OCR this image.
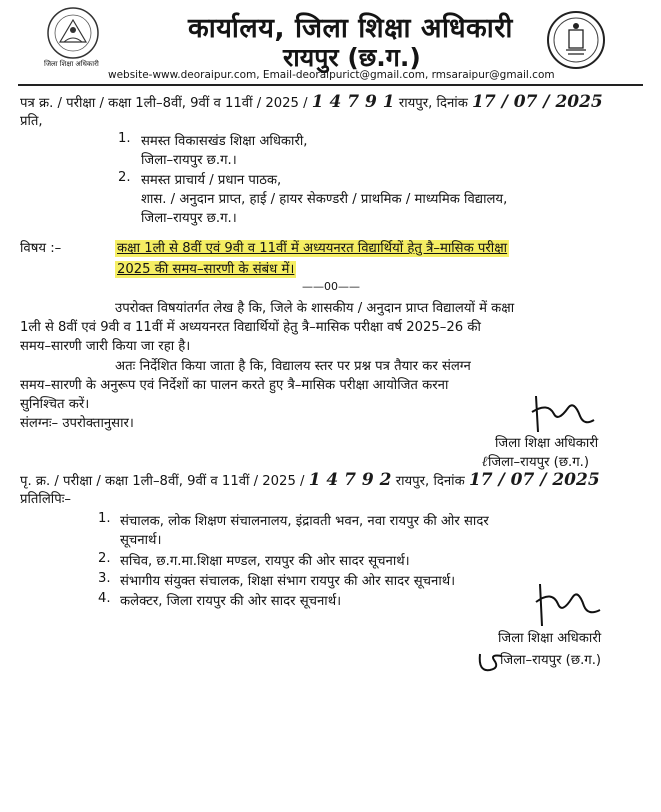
जिला शिक्षा अधिकारी
कार्यालय, जिला शिक्षा अधिकारी
रायपुर (छ.ग.)
website-www.deoraipur.com, Email-deoraipurict@gmail.com, rmsaraipur@gmail.com
पत्र क्र. / परीक्षा / कक्षा 1ली–8वीं, 9वीं व 11वीं / 2025 / 1 4 7 9 1 रायपुर, दिनांक 17 / 07 / 2025
प्रति,
1. समस्त विकासखंड शिक्षा अधिकारी,
जिला–रायपुर छ.ग.।
2. समस्त प्राचार्य / प्रधान पाठक,
शास. / अनुदान प्राप्त, हाई / हायर सेकण्डरी / प्राथमिक / माध्यमिक विद्यालय,
जिला–रायपुर छ.ग.।
विषय :–	कक्षा 1ली से 8वीं एवं 9वी व 11वीं में अध्ययनरत विद्यार्थियों हेतु त्रै–मासिक परीक्षा
2025 की समय–सारणी के संबंध में।
——00——
उपरोक्त विषयांतर्गत लेख है कि, जिले के शासकीय / अनुदान प्राप्त विद्यालयों में कक्षा
1ली से 8वीं एवं 9वी व 11वीं में अध्ययनरत विद्यार्थियों हेतु त्रै–मासिक परीक्षा वर्ष 2025–26 की
समय–सारणी जारी किया जा रहा है।
अतः निर्देशित किया जाता है कि, विद्यालय स्तर पर प्रश्न पत्र तैयार कर संलग्न
समय–सारणी के अनुरूप एवं निर्देशों का पालन करते हुए त्रै–मासिक परीक्षा आयोजित करना
सुनिश्चित करें।
संलग्नः– उपरोक्तानुसार।
जिला शिक्षा अधिकारी
ℓजिला–रायपुर (छ.ग.)
पृ. क्र. / परीक्षा / कक्षा 1ली–8वीं, 9वीं व 11वीं / 2025 / 1 4 7 9 2 रायपुर, दिनांक 17 / 07 / 2025
प्रतिलिपिः–
1. संचालक, लोक शिक्षण संचालनालय, इंद्रावती भवन, नवा रायपुर की ओर सादर
सूचनार्थ।
2. सचिव, छ.ग.मा.शिक्षा मण्डल, रायपुर की ओर सादर सूचनार्थ।
3. संभागीय संयुक्त संचालक, शिक्षा संभाग रायपुर की ओर सादर सूचनार्थ।
4. कलेक्टर, जिला रायपुर की ओर सादर सूचनार्थ।
जिला शिक्षा अधिकारी
जिला–रायपुर (छ.ग.)
